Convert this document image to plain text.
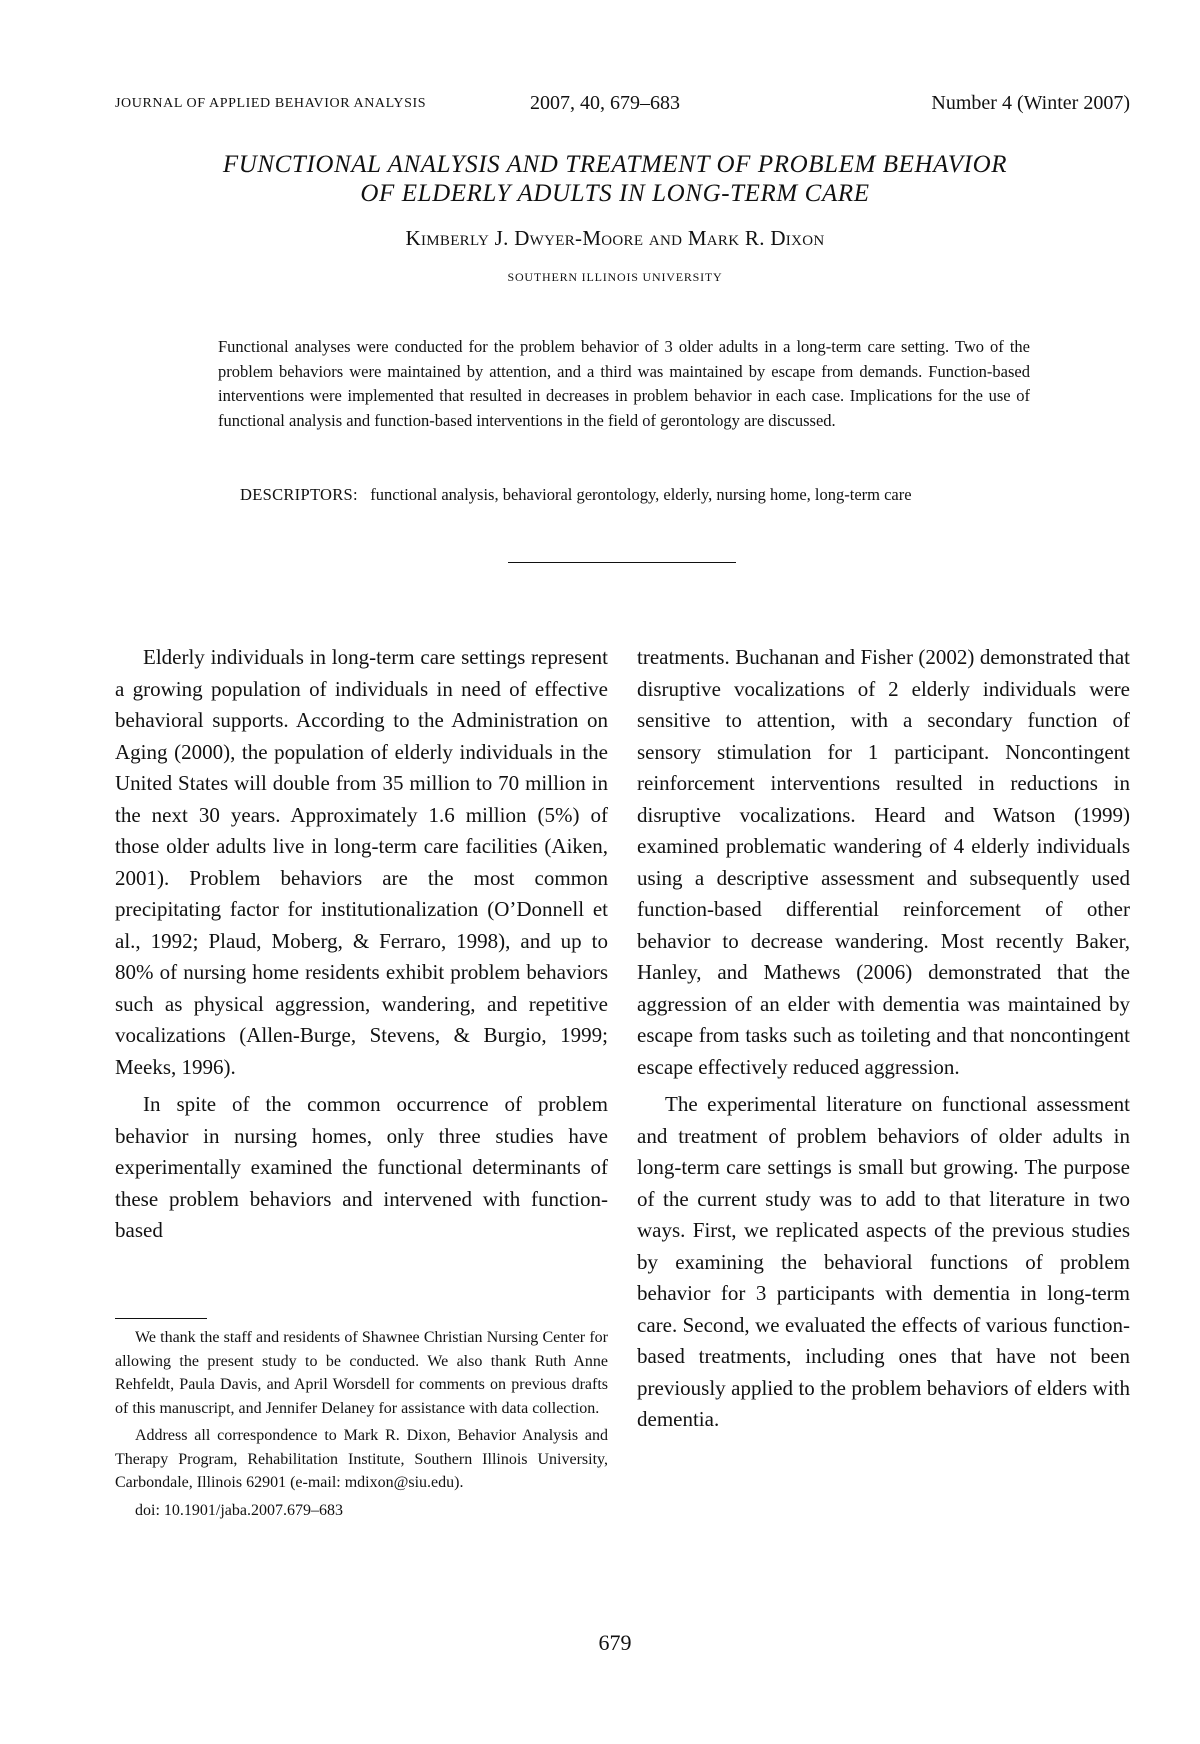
JOURNAL OF APPLIED BEHAVIOR ANALYSIS	2007, 40, 679–683	Number 4 (Winter 2007)
FUNCTIONAL ANALYSIS AND TREATMENT OF PROBLEM BEHAVIOR
OF ELDERLY ADULTS IN LONG-TERM CARE
Kimberly J. Dwyer-Moore and Mark R. Dixon
SOUTHERN ILLINOIS UNIVERSITY

Functional analyses were conducted for the problem behavior of 3 older adults in a long-term care setting. Two of the problem behaviors were maintained by attention, and a third was maintained by escape from demands. Function-based interventions were implemented that resulted in decreases in problem behavior in each case. Implications for the use of functional analysis and function-based interventions in the field of gerontology are discussed.

DESCRIPTORS: functional analysis, behavioral gerontology, elderly, nursing home, long-term care

Elderly individuals in long-term care settings represent a growing population of individuals in need of effective behavioral supports. According to the Administration on Aging (2000), the population of elderly individuals in the United States will double from 35 million to 70 million in the next 30 years. Approximately 1.6 million (5%) of those older adults live in long-term care facilities (Aiken, 2001). Problem behaviors are the most common precipitating factor for institutionalization (O’Donnell et al., 1992; Plaud, Moberg, & Ferraro, 1998), and up to 80% of nursing home residents exhibit problem behaviors such as physical aggression, wandering, and repetitive vocalizations (Allen-Burge, Stevens, & Burgio, 1999; Meeks, 1996).

In spite of the common occurrence of problem behavior in nursing homes, only three studies have experimentally examined the functional determinants of these problem behaviors and intervened with function-based

We thank the staff and residents of Shawnee Christian Nursing Center for allowing the present study to be conducted. We also thank Ruth Anne Rehfeldt, Paula Davis, and April Worsdell for comments on previous drafts of this manuscript, and Jennifer Delaney for assistance with data collection.

Address all correspondence to Mark R. Dixon, Behavior Analysis and Therapy Program, Rehabilitation Institute, Southern Illinois University, Carbondale, Illinois 62901 (e-mail: mdixon@siu.edu).

doi: 10.1901/jaba.2007.679–683

treatments. Buchanan and Fisher (2002) demonstrated that disruptive vocalizations of 2 elderly individuals were sensitive to attention, with a secondary function of sensory stimulation for 1 participant. Noncontingent reinforcement interventions resulted in reductions in disruptive vocalizations. Heard and Watson (1999) examined problematic wandering of 4 elderly individuals using a descriptive assessment and subsequently used function-based differential reinforcement of other behavior to decrease wandering. Most recently Baker, Hanley, and Mathews (2006) demonstrated that the aggression of an elder with dementia was maintained by escape from tasks such as toileting and that noncontingent escape effectively reduced aggression.

The experimental literature on functional assessment and treatment of problem behaviors of older adults in long-term care settings is small but growing. The purpose of the current study was to add to that literature in two ways. First, we replicated aspects of the previous studies by examining the behavioral functions of problem behavior for 3 participants with dementia in long-term care. Second, we evaluated the effects of various function-based treatments, including ones that have not been previously applied to the problem behaviors of elders with dementia.

679
